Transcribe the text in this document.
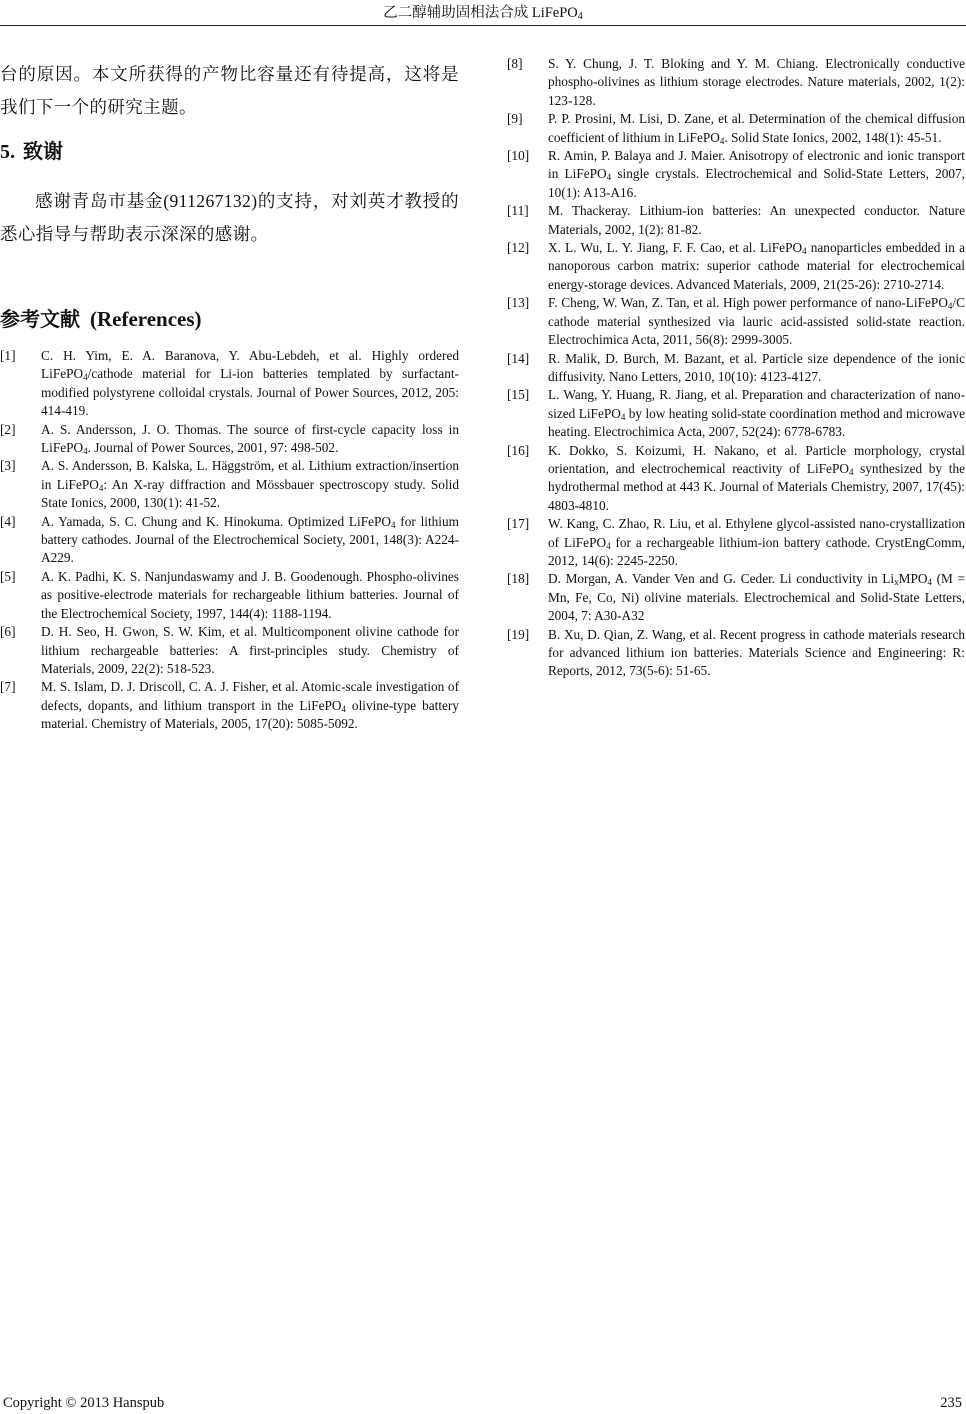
乙二醇辅助固相法合成 LiFePO$_4$

台的原因。本文所获得的产物比容量还有待提高，这将是我们下一个的研究主题。

5. 致谢

感谢青岛市基金(911267132)的支持，对刘英才教授的悉心指导与帮助表示深深的感谢。

参考文献 (References)

[1] C. H. Yim, E. A. Baranova, Y. Abu-Lebdeh, et al. Highly ordered LiFePO$_4$/cathode material for Li-ion batteries templated by surfactant-modified polystyrene colloidal crystals. Journal of Power Sources, 2012, 205: 414-419.

[2] A. S. Andersson, J. O. Thomas. The source of first-cycle capacity loss in LiFePO$_4$. Journal of Power Sources, 2001, 97: 498-502.

[3] A. S. Andersson, B. Kalska, L. Häggström, et al. Lithium extraction/insertion in LiFePO$_4$: An X-ray diffraction and Mössbauer spectroscopy study. Solid State Ionics, 2000, 130(1): 41-52.

[4] A. Yamada, S. C. Chung and K. Hinokuma. Optimized LiFePO$_4$ for lithium battery cathodes. Journal of the Electrochemical Society, 2001, 148(3): A224-A229.

[5] A. K. Padhi, K. S. Nanjundaswamy and J. B. Goodenough. Phospho-olivines as positive-electrode materials for rechargeable lithium batteries. Journal of the Electrochemical Society, 1997, 144(4): 1188-1194.

[6] D. H. Seo, H. Gwon, S. W. Kim, et al. Multicomponent olivine cathode for lithium rechargeable batteries: A first-principles study. Chemistry of Materials, 2009, 22(2): 518-523.

[7] M. S. Islam, D. J. Driscoll, C. A. J. Fisher, et al. Atomic-scale investigation of defects, dopants, and lithium transport in the LiFePO$_4$ olivine-type battery material. Chemistry of Materials, 2005, 17(20): 5085-5092.

[8] S. Y. Chung, J. T. Bloking and Y. M. Chiang. Electronically conductive phospho-olivines as lithium storage electrodes. Nature materials, 2002, 1(2): 123-128.

[9] P. P. Prosini, M. Lisi, D. Zane, et al. Determination of the chemical diffusion coefficient of lithium in LiFePO$_4$. Solid State Ionics, 2002, 148(1): 45-51.

[10] R. Amin, P. Balaya and J. Maier. Anisotropy of electronic and ionic transport in LiFePO$_4$ single crystals. Electrochemical and Solid-State Letters, 2007, 10(1): A13-A16.

[11] M. Thackeray. Lithium-ion batteries: An unexpected conductor. Nature Materials, 2002, 1(2): 81-82.

[12] X. L. Wu, L. Y. Jiang, F. F. Cao, et al. LiFePO$_4$ nanoparticles embedded in a nanoporous carbon matrix: superior cathode material for electrochemical energy-storage devices. Advanced Materials, 2009, 21(25-26): 2710-2714.

[13] F. Cheng, W. Wan, Z. Tan, et al. High power performance of nano-LiFePO$_4$/C cathode material synthesized via lauric acid-assisted solid-state reaction. Electrochimica Acta, 2011, 56(8): 2999-3005.

[14] R. Malik, D. Burch, M. Bazant, et al. Particle size dependence of the ionic diffusivity. Nano Letters, 2010, 10(10): 4123-4127.

[15] L. Wang, Y. Huang, R. Jiang, et al. Preparation and characterization of nano-sized LiFePO$_4$ by low heating solid-state coordination method and microwave heating. Electrochimica Acta, 2007, 52(24): 6778-6783.

[16] K. Dokko, S. Koizumi, H. Nakano, et al. Particle morphology, crystal orientation, and electrochemical reactivity of LiFePO$_4$ synthesized by the hydrothermal method at 443 K. Journal of Materials Chemistry, 2007, 17(45): 4803-4810.

[17] W. Kang, C. Zhao, R. Liu, et al. Ethylene glycol-assisted nano-crystallization of LiFePO$_4$ for a rechargeable lithium-ion battery cathode. CrystEngComm, 2012, 14(6): 2245-2250.

[18] D. Morgan, A. Vander Ven and G. Ceder. Li conductivity in $Li_xMPO_4$ (M = Mn, Fe, Co, Ni) olivine materials. Electrochemical and Solid-State Letters, 2004, 7: A30-A32

[19] B. Xu, D. Qian, Z. Wang, et al. Recent progress in cathode materials research for advanced lithium ion batteries. Materials Science and Engineering: R: Reports, 2012, 73(5-6): 51-65.

Copyright © 2013 Hanspub	235
